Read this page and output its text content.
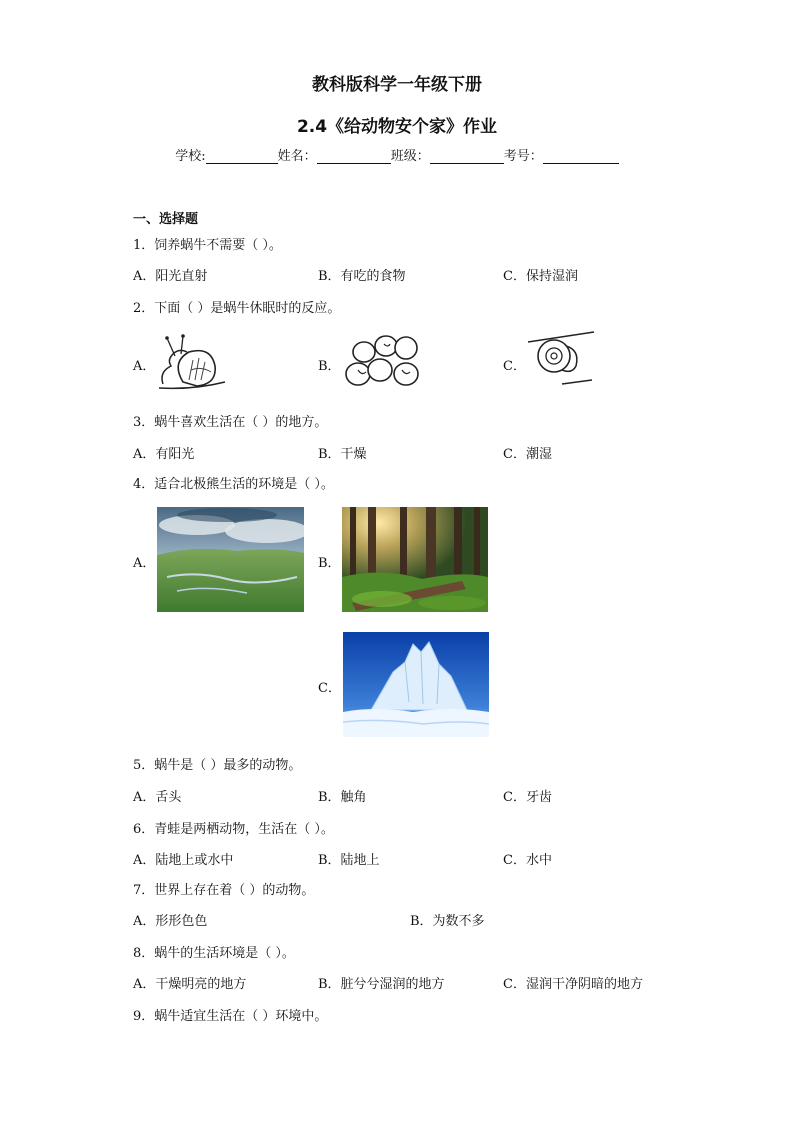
教科版科学一年级下册
2.4《给动物安个家》作业
学校:	姓名：	班级：	考号：
一、选择题
1．饲养蜗牛不需要（ ）。
A．阳光直射	B．有吃的食物	C．保持湿润
2．下面（ ）是蜗牛休眠时的反应。
A．	B．	C．
3．蜗牛喜欢生活在（ ）的地方。
A．有阳光	B．干燥	C．潮湿
4．适合北极熊生活的环境是（ ）。
A．	B．
C．
5．蜗牛是（ ）最多的动物。
A．舌头	B．触角	C．牙齿
6．青蛙是两栖动物，生活在（ ）。
A．陆地上或水中	B．陆地上	C．水中
7．世界上存在着（ ）的动物。
A．形形色色	B．为数不多
8．蜗牛的生活环境是（ ）。
A．干燥明亮的地方	B．脏兮兮湿润的地方	C．湿润干净阴暗的地方
9．蜗牛适宜生活在（ ）环境中。
